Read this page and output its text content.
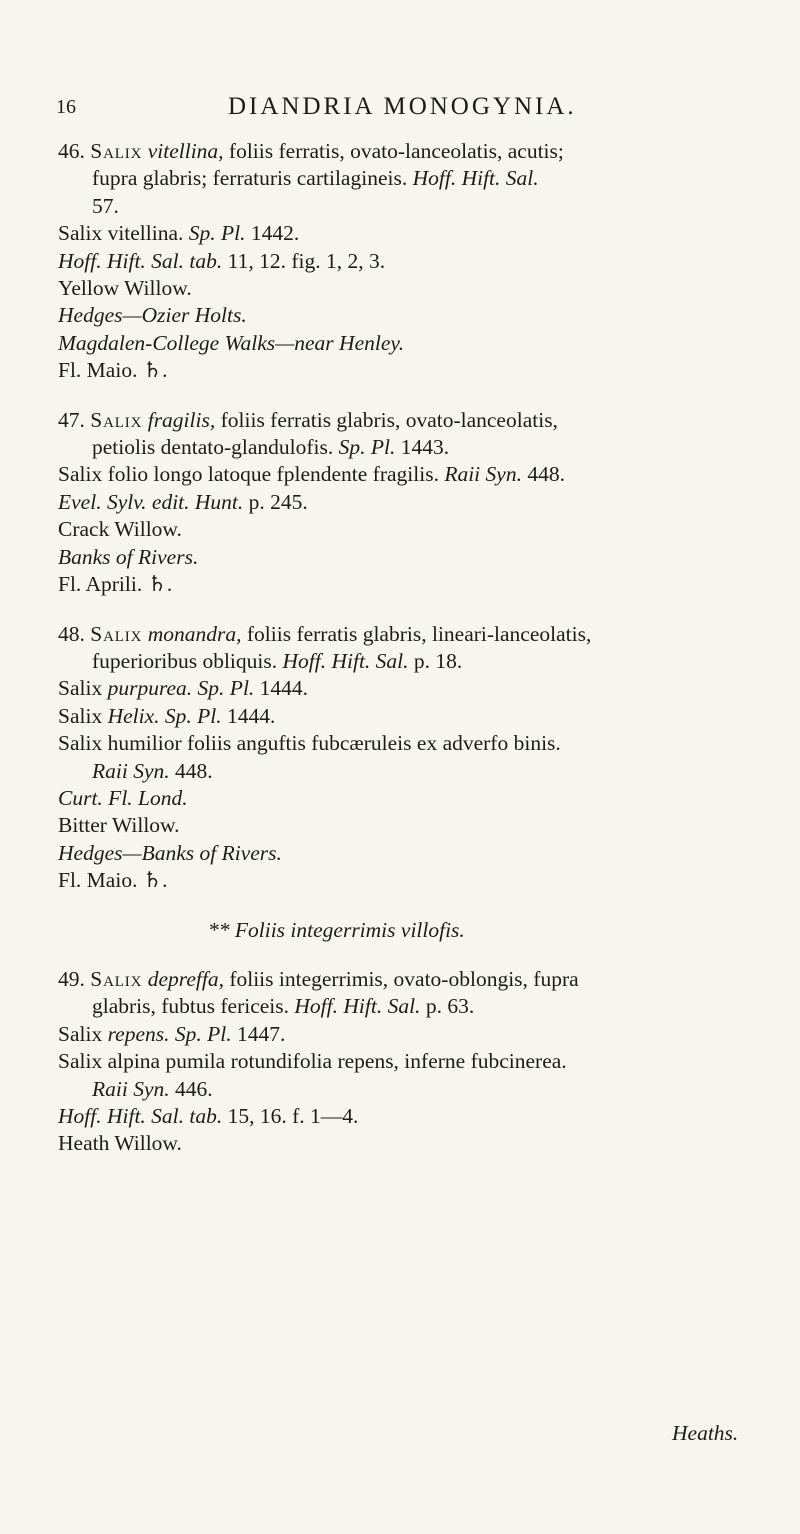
16	DIANDRIA MONOGYNIA.
46. Salix vitellina, foliis ferratis, ovato-lanceolatis, acutis;
fupra glabris; ferraturis cartilagineis. Hoff. Hift. Sal.
57.
Salix vitellina. Sp. Pl. 1442.
Hoff. Hift. Sal. tab. 11, 12. fig. 1, 2, 3.
Yellow Willow.
Hedges—Ozier Holts.
Magdalen-College Walks—near Henley.
Fl. Maio. ♄.
47. Salix fragilis, foliis ferratis glabris, ovato-lanceolatis,
petiolis dentato-glandulofis. Sp. Pl. 1443.
Salix folio longo latoque fplendente fragilis. Raii Syn. 448.
Evel. Sylv. edit. Hunt. p. 245.
Crack Willow.
Banks of Rivers.
Fl. Aprili. ♄.
48. Salix monandra, foliis ferratis glabris, lineari-lanceolatis,
fuperioribus obliquis. Hoff. Hift. Sal. p. 18.
Salix purpurea. Sp. Pl. 1444.
Salix Helix. Sp. Pl. 1444.
Salix humilior foliis anguftis fubcæruleis ex adverfo binis.
Raii Syn. 448.
Curt. Fl. Lond.
Bitter Willow.
Hedges—Banks of Rivers.
Fl. Maio. ♄.
** Foliis integerrimis villofis.
49. Salix depreffa, foliis integerrimis, ovato-oblongis, fupra
glabris, fubtus fericeis. Hoff. Hift. Sal. p. 63.
Salix repens. Sp. Pl. 1447.
Salix alpina pumila rotundifolia repens, inferne fubcinerea.
Raii Syn. 446.
Hoff. Hift. Sal. tab. 15, 16. f. 1—4.
Heath Willow.
Heaths.
